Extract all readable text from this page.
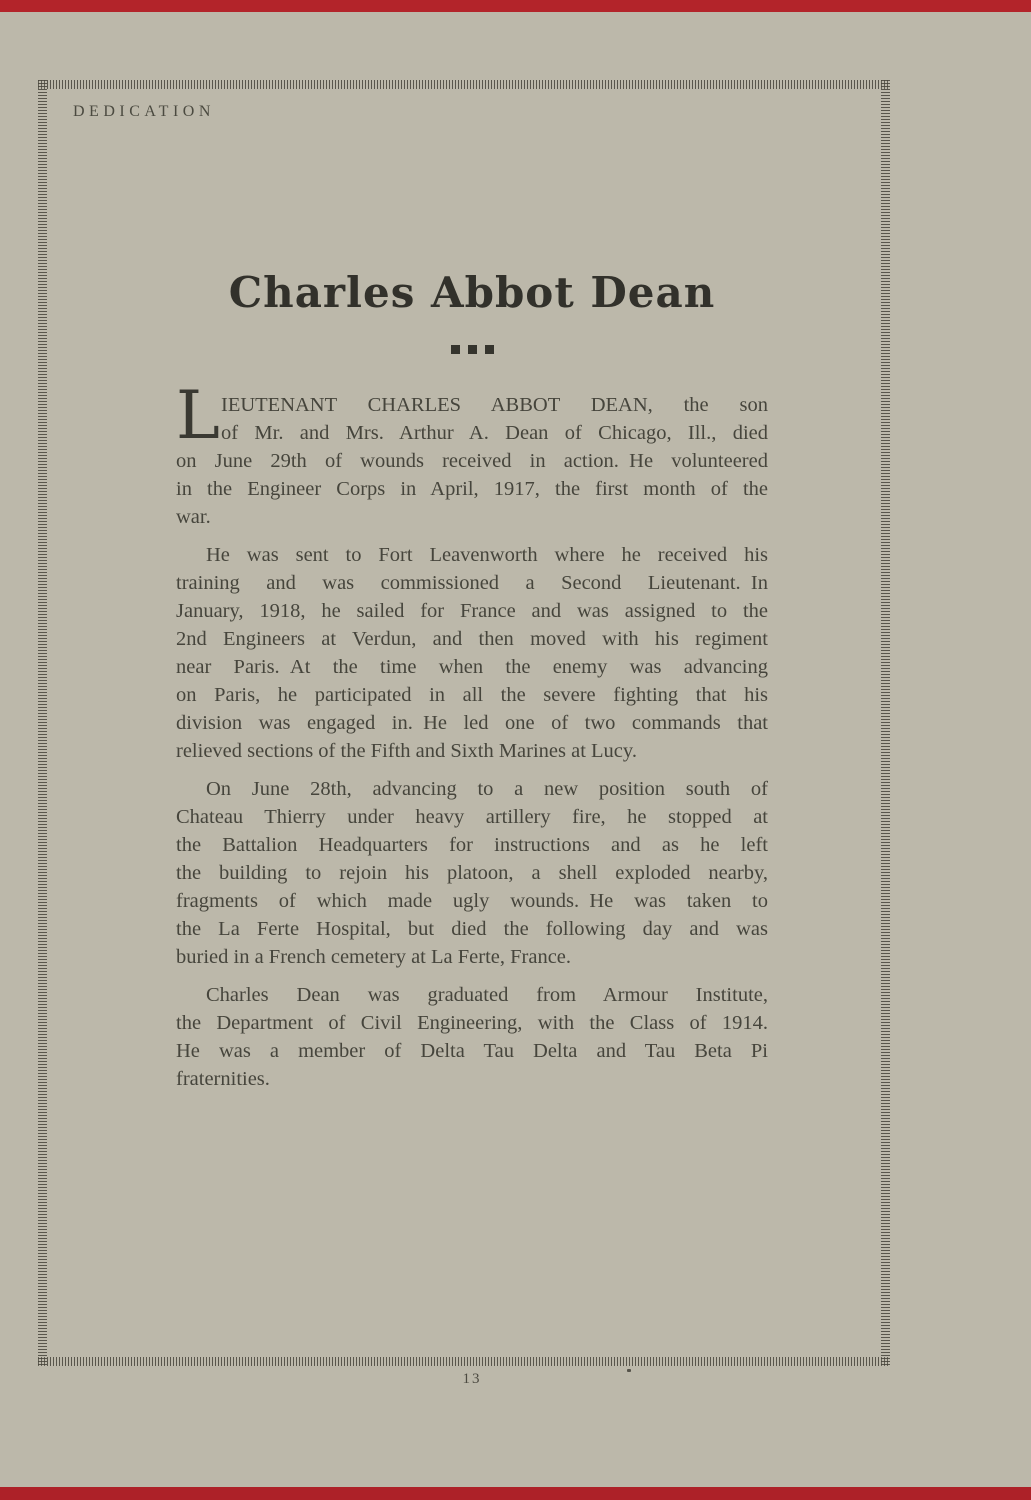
DEDICATION
Charles Abbot Dean
L IEUTENANT CHARLES ABBOT DEAN, the son
of Mr. and Mrs. Arthur A. Dean of Chicago, Ill., died
on June 29th of wounds received in action. He volunteered
in the Engineer Corps in April, 1917, the first month of the
war.
He was sent to Fort Leavenworth where he received his
training and was commissioned a Second Lieutenant. In
January, 1918, he sailed for France and was assigned to the
2nd Engineers at Verdun, and then moved with his regiment
near Paris. At the time when the enemy was advancing
on Paris, he participated in all the severe fighting that his
division was engaged in. He led one of two commands that
relieved sections of the Fifth and Sixth Marines at Lucy.
On June 28th, advancing to a new position south of
Chateau Thierry under heavy artillery fire, he stopped at
the Battalion Headquarters for instructions and as he left
the building to rejoin his platoon, a shell exploded nearby,
fragments of which made ugly wounds. He was taken to
the La Ferte Hospital, but died the following day and was
buried in a French cemetery at La Ferte, France.
Charles Dean was graduated from Armour Institute,
the Department of Civil Engineering, with the Class of 1914.
He was a member of Delta Tau Delta and Tau Beta Pi
fraternities.
13
